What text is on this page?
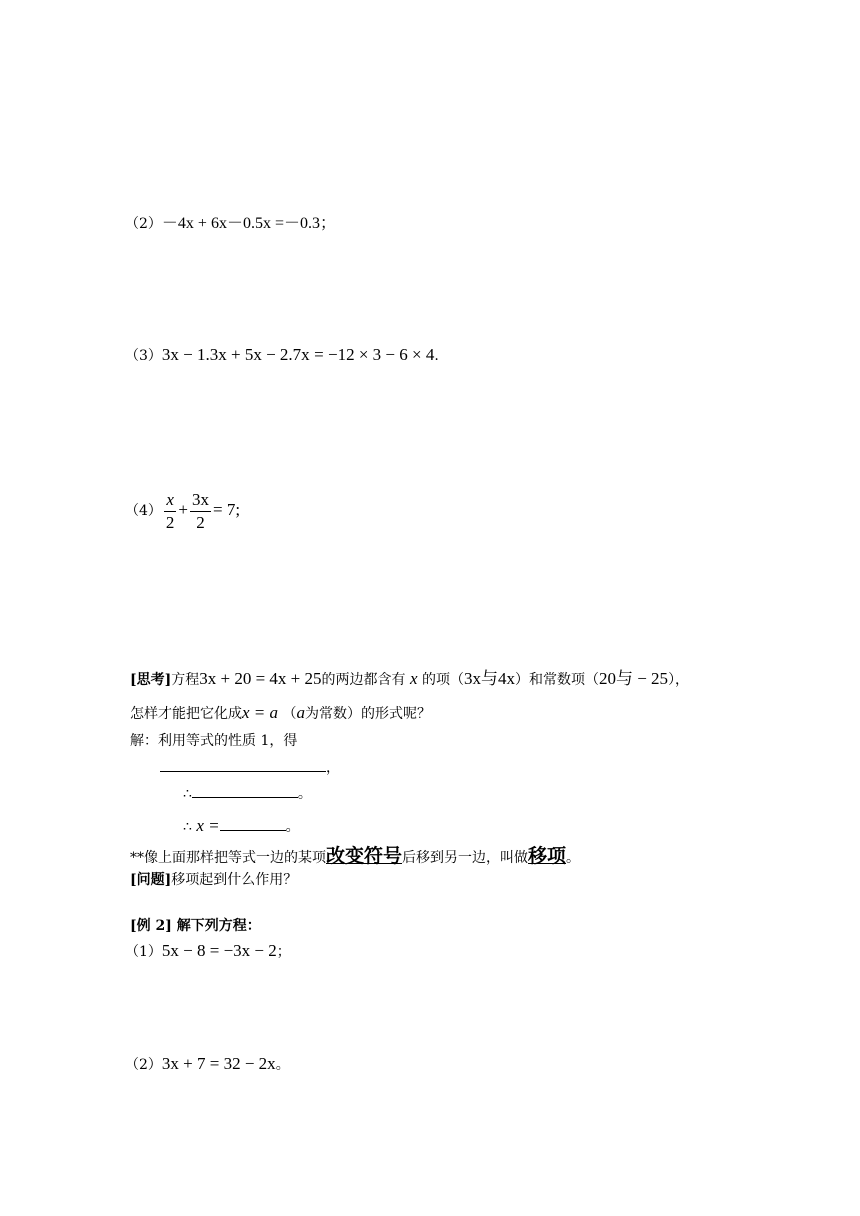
（2）－4x + 6x－0.5x =－0.3；
（3）3x − 1.3x + 5x − 2.7x = −12 × 3 − 6 × 4.
$(4) \frac{x}{2} + \frac{3x}{2} = 7$;
[思考]方程3x + 20 = 4x + 25的两边都含有 x 的项（3x与4x）和常数项（20与 − 25），
怎样才能把它化成x = a （a为常数）的形式呢？
解：利用等式的性质 1，得
，
∴	。
∴ x =	。
**像上面那样把等式一边的某项改变符号后移到另一边，叫做移项。
[问题]移项起到什么作用？
[例 2] 解下列方程：
（1）5x − 8 = −3x − 2；
（2）3x + 7 = 32 − 2x。
